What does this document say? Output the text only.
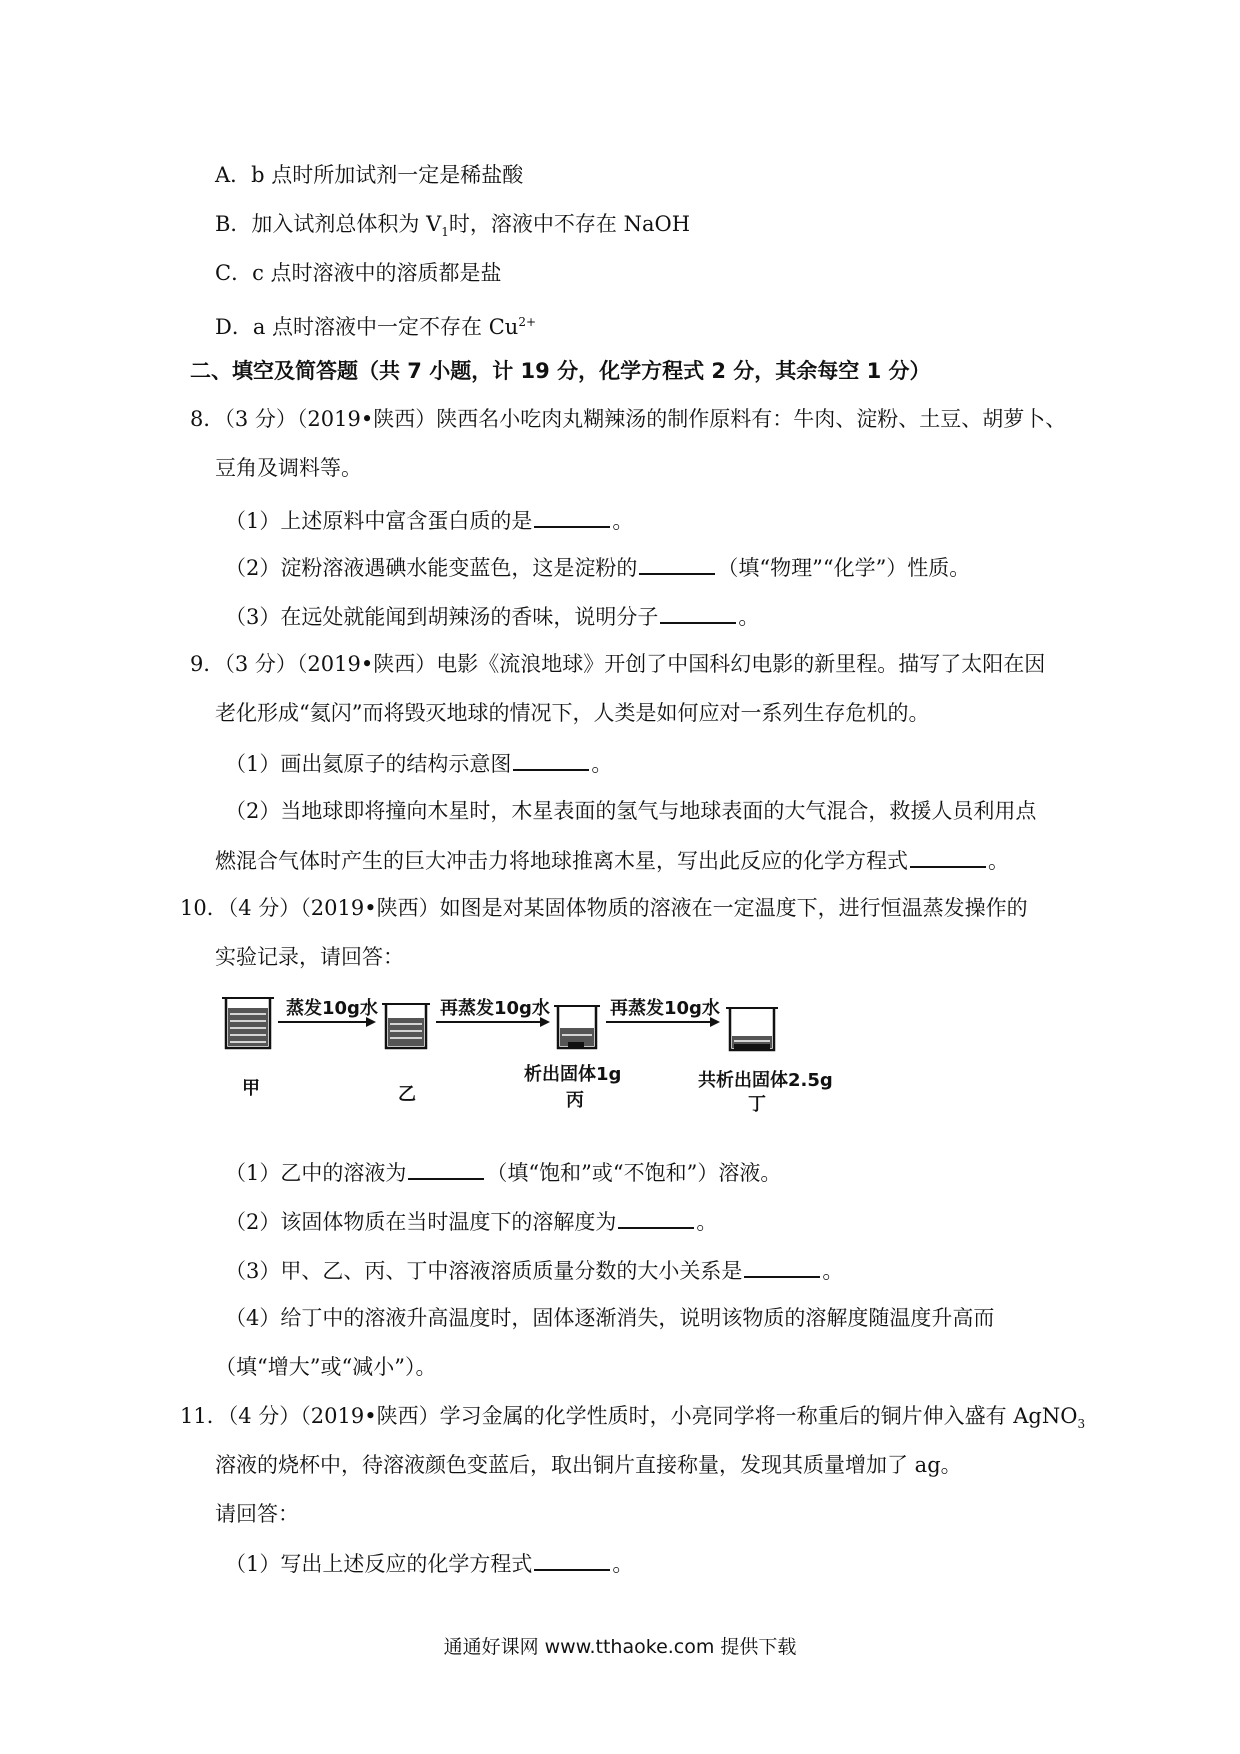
A．b 点时所加试剂一定是稀盐酸
B．加入试剂总体积为 $V_1$时，溶液中不存在 NaOH
C．c 点时溶液中的溶质都是盐
D．a 点时溶液中一定不存在 $Cu^{2+}$
二、填空及简答题（共 7 小题，计 19 分，化学方程式 2 分，其余每空 1 分）
8．（3 分）（2019•陕西）陕西名小吃肉丸糊辣汤的制作原料有：牛肉、淀粉、土豆、胡萝卜、
豆角及调料等。
（1）上述原料中富含蛋白质的是	。
（2）淀粉溶液遇碘水能变蓝色，这是淀粉的	（填“物理”“化学”）性质。
（3）在远处就能闻到胡辣汤的香味，说明分子	。
9．（3 分）（2019•陕西）电影《流浪地球》开创了中国科幻电影的新里程。描写了太阳在因
老化形成“氦闪”而将毁灭地球的情况下，人类是如何应对一系列生存危机的。
（1）画出氦原子的结构示意图	。
（2）当地球即将撞向木星时，木星表面的氢气与地球表面的大气混合，救援人员利用点
燃混合气体时产生的巨大冲击力将地球推离木星，写出此反应的化学方程式	。
10．（4 分）（2019•陕西）如图是对某固体物质的溶液在一定温度下，进行恒温蒸发操作的
实验记录，请回答：
蒸发10g水	再蒸发10g水	再蒸发10g水
甲	乙
析出固体1g
丙
共析出固体2.5g
丁
（1）乙中的溶液为	（填“饱和”或“不饱和”）溶液。
（2）该固体物质在当时温度下的溶解度为	。
（3）甲、乙、丙、丁中溶液溶质质量分数的大小关系是	。
（4）给丁中的溶液升高温度时，固体逐渐消失，说明该物质的溶解度随温度升高而
（填“增大”或“减小”）。
11．（4 分）（2019•陕西）学习金属的化学性质时，小亮同学将一称重后的铜片伸入盛有 AgNO$_3$
溶液的烧杯中，待溶液颜色变蓝后，取出铜片直接称量，发现其质量增加了 ag。
请回答：
（1）写出上述反应的化学方程式	。
通通好课网 www.tthaoke.com 提供下载
